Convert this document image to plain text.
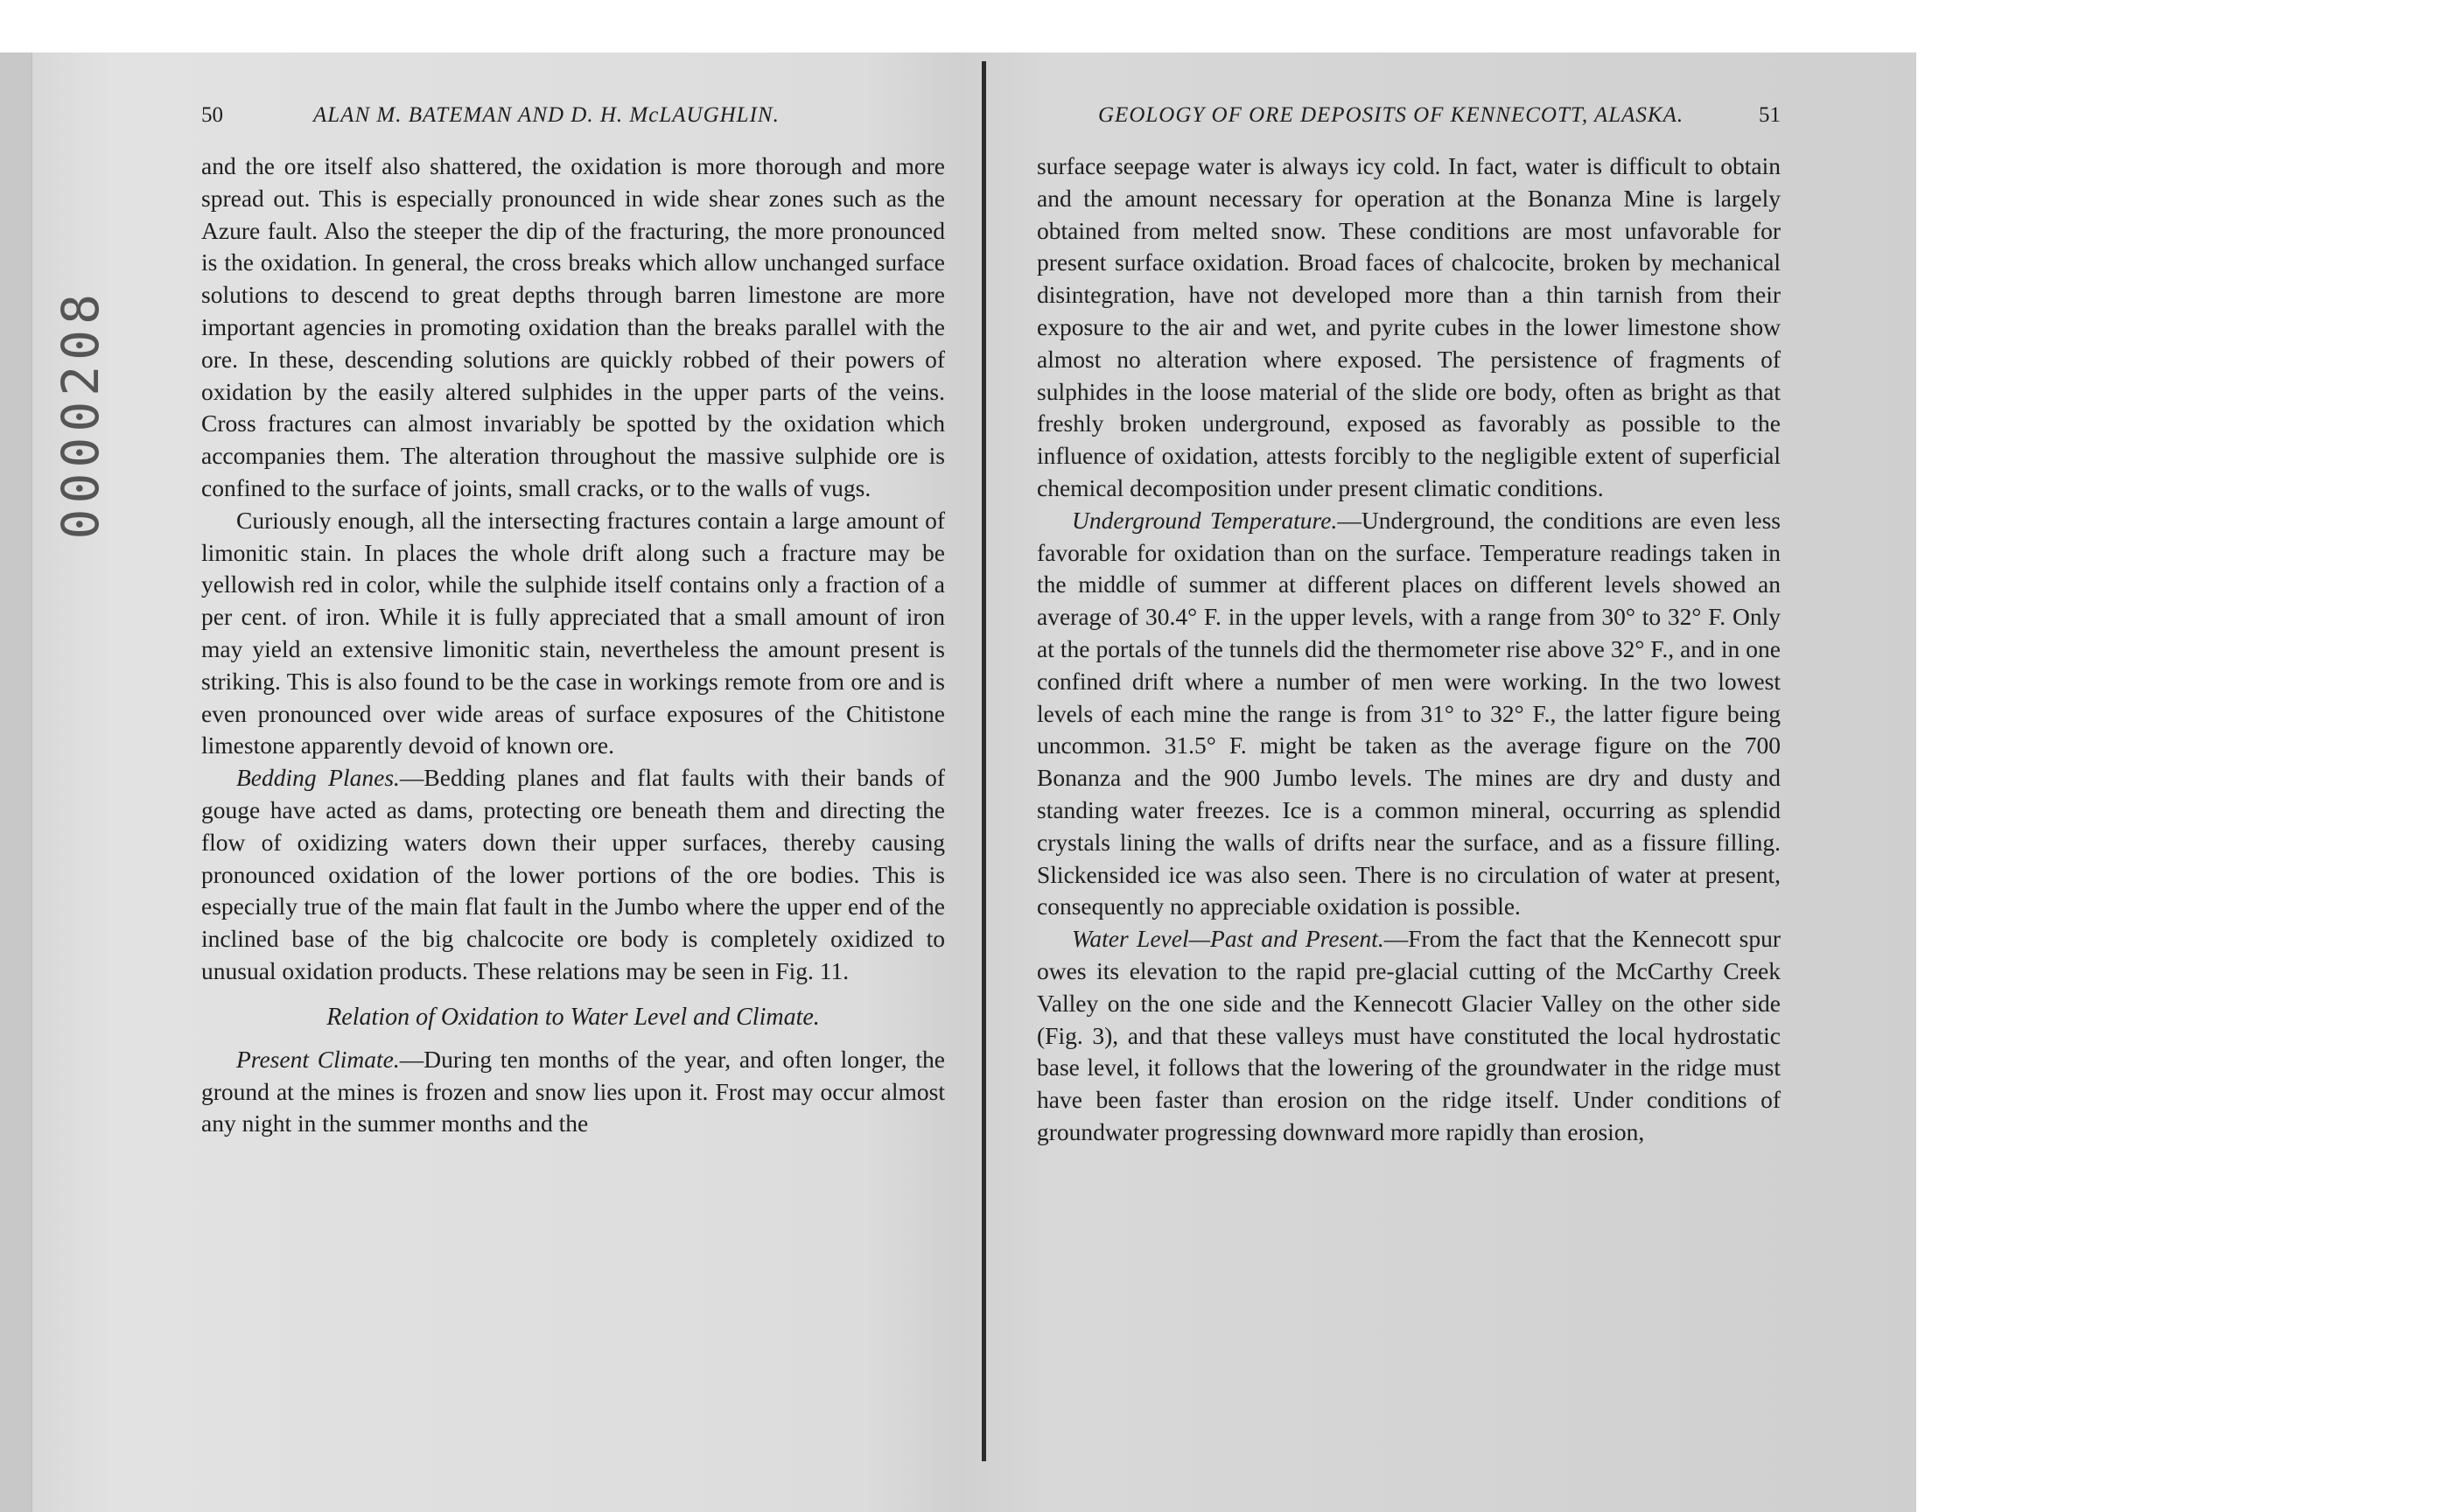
0000208
50	ALAN M. BATEMAN AND D. H. McLAUGHLIN.

and the ore itself also shattered, the oxidation is more thorough and more spread out. This is especially pronounced in wide shear zones such as the Azure fault. Also the steeper the dip of the fracturing, the more pronounced is the oxidation. In general, the cross breaks which allow unchanged surface solutions to descend to great depths through barren limestone are more important agencies in promoting oxidation than the breaks parallel with the ore. In these, descending solutions are quickly robbed of their powers of oxidation by the easily altered sulphides in the upper parts of the veins. Cross fractures can almost invariably be spotted by the oxidation which accompanies them. The alteration throughout the massive sulphide ore is confined to the surface of joints, small cracks, or to the walls of vugs.

Curiously enough, all the intersecting fractures contain a large amount of limonitic stain. In places the whole drift along such a fracture may be yellowish red in color, while the sulphide itself contains only a fraction of a per cent. of iron. While it is fully appreciated that a small amount of iron may yield an extensive limonitic stain, nevertheless the amount present is striking. This is also found to be the case in workings remote from ore and is even pronounced over wide areas of surface exposures of the Chitistone limestone apparently devoid of known ore.

Bedding Planes.—Bedding planes and flat faults with their bands of gouge have acted as dams, protecting ore beneath them and directing the flow of oxidizing waters down their upper surfaces, thereby causing pronounced oxidation of the lower portions of the ore bodies. This is especially true of the main flat fault in the Jumbo where the upper end of the inclined base of the big chalcocite ore body is completely oxidized to unusual oxidation products. These relations may be seen in Fig. 11.

Relation of Oxidation to Water Level and Climate.

Present Climate.—During ten months of the year, and often longer, the ground at the mines is frozen and snow lies upon it. Frost may occur almost any night in the summer months and the

GEOLOGY OF ORE DEPOSITS OF KENNECOTT, ALASKA.	51

surface seepage water is always icy cold. In fact, water is difficult to obtain and the amount necessary for operation at the Bonanza Mine is largely obtained from melted snow. These conditions are most unfavorable for present surface oxidation. Broad faces of chalcocite, broken by mechanical disintegration, have not developed more than a thin tarnish from their exposure to the air and wet, and pyrite cubes in the lower limestone show almost no alteration where exposed. The persistence of fragments of sulphides in the loose material of the slide ore body, often as bright as that freshly broken underground, exposed as favorably as possible to the influence of oxidation, attests forcibly to the negligible extent of superficial chemical decomposition under present climatic conditions.

Underground Temperature.—Underground, the conditions are even less favorable for oxidation than on the surface. Temperature readings taken in the middle of summer at different places on different levels showed an average of 30.4° F. in the upper levels, with a range from 30° to 32° F. Only at the portals of the tunnels did the thermometer rise above 32° F., and in one confined drift where a number of men were working. In the two lowest levels of each mine the range is from 31° to 32° F., the latter figure being uncommon. 31.5° F. might be taken as the average figure on the 700 Bonanza and the 900 Jumbo levels. The mines are dry and dusty and standing water freezes. Ice is a common mineral, occurring as splendid crystals lining the walls of drifts near the surface, and as a fissure filling. Slickensided ice was also seen. There is no circulation of water at present, consequently no appreciable oxidation is possible.

Water Level—Past and Present.—From the fact that the Kennecott spur owes its elevation to the rapid pre-glacial cutting of the McCarthy Creek Valley on the one side and the Kennecott Glacier Valley on the other side (Fig. 3), and that these valleys must have constituted the local hydrostatic base level, it follows that the lowering of the groundwater in the ridge must have been faster than erosion on the ridge itself. Under conditions of groundwater progressing downward more rapidly than erosion,
